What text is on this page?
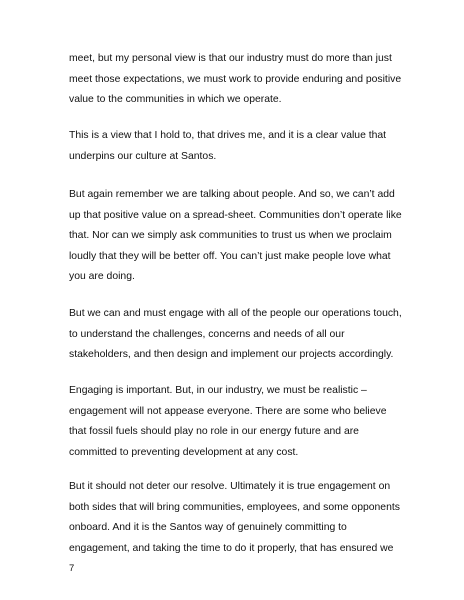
meet, but my personal view is that our industry must do more than just
meet those expectations, we must work to provide enduring and positive
value to the communities in which we operate.

This is a view that I hold to, that drives me, and it is a clear value that
underpins our culture at Santos.

But again remember we are talking about people. And so, we can’t add
up that positive value on a spread-sheet. Communities don’t operate like
that. Nor can we simply ask communities to trust us when we proclaim
loudly that they will be better off. You can’t just make people love what
you are doing.

But we can and must engage with all of the people our operations touch,
to understand the challenges, concerns and needs of all our
stakeholders, and then design and implement our projects accordingly.

Engaging is important. But, in our industry, we must be realistic –
engagement will not appease everyone. There are some who believe
that fossil fuels should play no role in our energy future and are
committed to preventing development at any cost.

But it should not deter our resolve. Ultimately it is true engagement on
both sides that will bring communities, employees, and some opponents
onboard. And it is the Santos way of genuinely committing to
engagement, and taking the time to do it properly, that has ensured we

7
